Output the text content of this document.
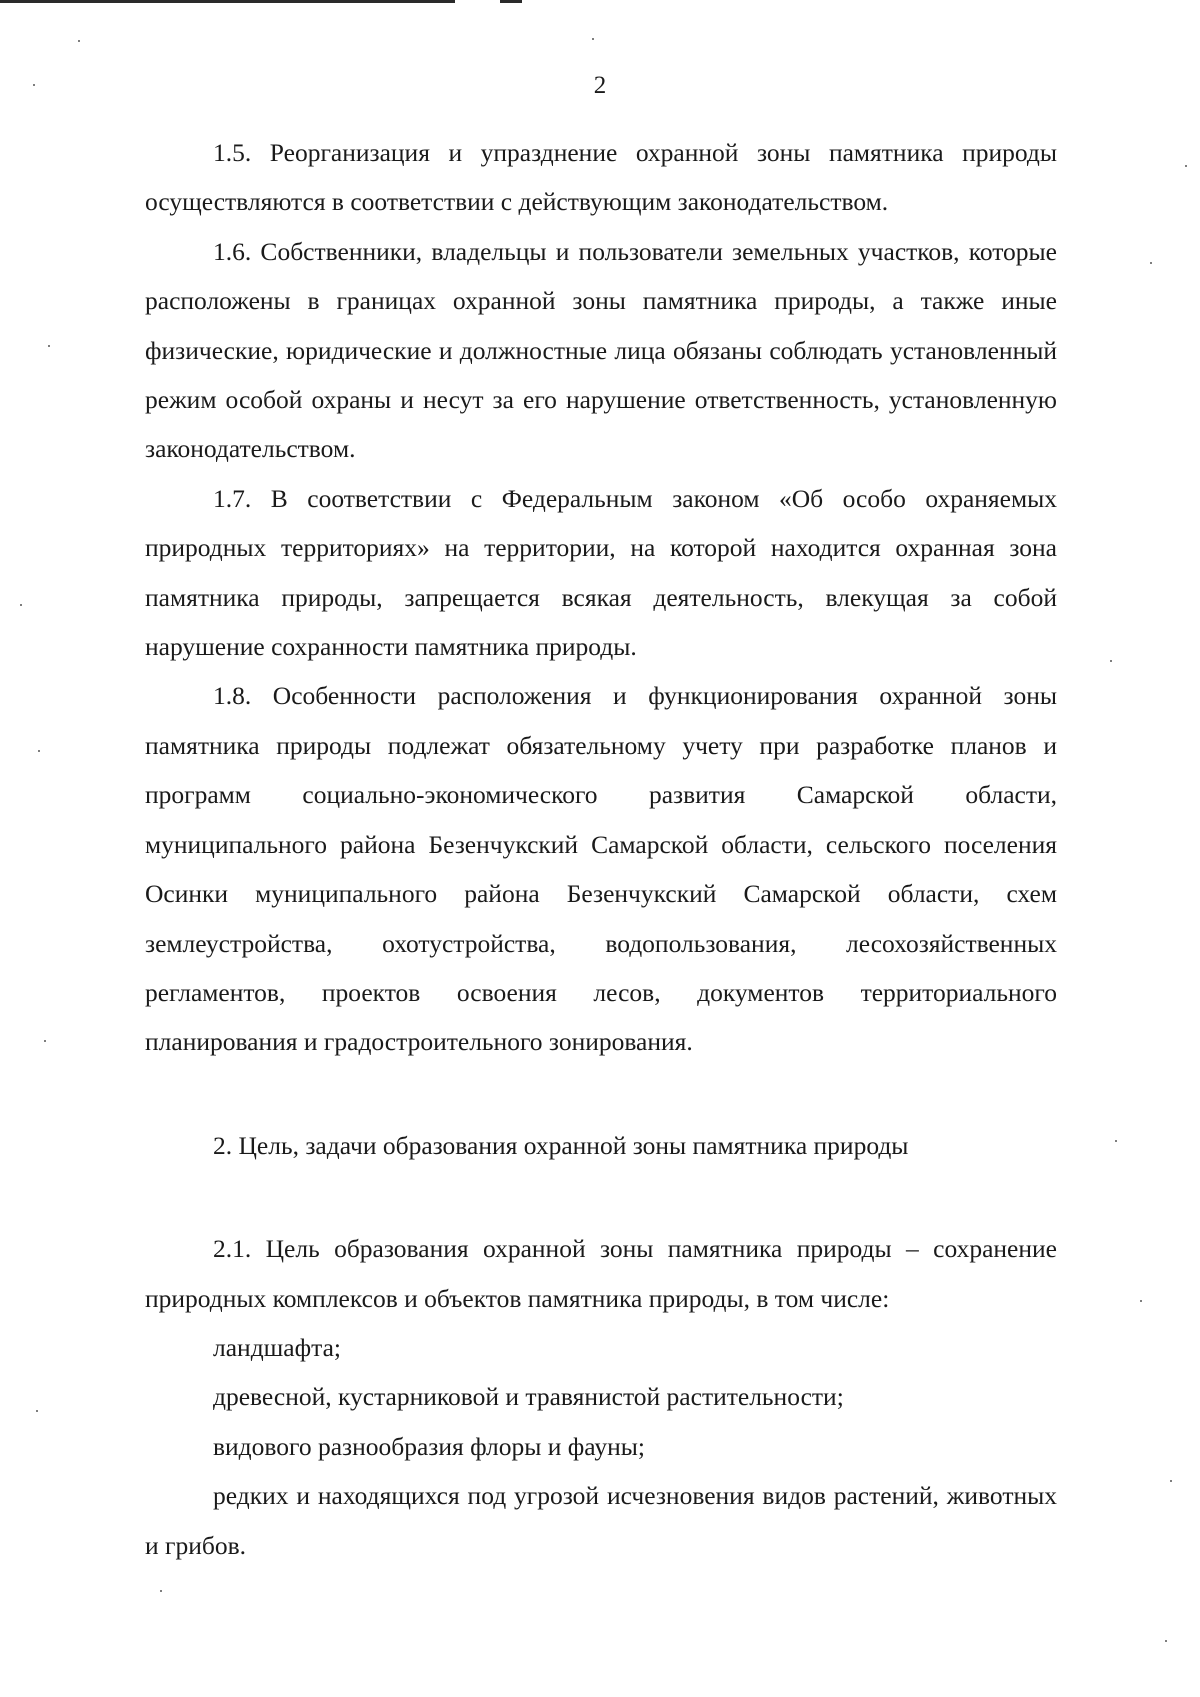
2

1.5. Реорганизация и упразднение охранной зоны памятника природы осуществляются в соответствии с действующим законодательством.

1.6. Собственники, владельцы и пользователи земельных участков, которые расположены в границах охранной зоны памятника природы, а также иные физические, юридические и должностные лица обязаны соблюдать установленный режим особой охраны и несут за его нарушение ответственность, установленную законодательством.

1.7. В соответствии с Федеральным законом «Об особо охраняемых природных территориях» на территории, на которой находится охранная зона памятника природы, запрещается всякая деятельность, влекущая за собой нарушение сохранности памятника природы.

1.8. Особенности расположения и функционирования охранной зоны памятника природы подлежат обязательному учету при разработке планов и программ социально-экономического развития Самарской области, муниципального района Безенчукский Самарской области, сельского поселения Осинки муниципального района Безенчукский Самарской области, схем землеустройства, охотустройства, водопользования, лесохозяйственных регламентов, проектов освоения лесов, документов территориального планирования и градостроительного зонирования.

2. Цель, задачи образования охранной зоны памятника природы

2.1. Цель образования охранной зоны памятника природы – сохранение природных комплексов и объектов памятника природы, в том числе:

ландшафта;

древесной, кустарниковой и травянистой растительности;

видового разнообразия флоры и фауны;

редких и находящихся под угрозой исчезновения видов растений, животных и грибов.
